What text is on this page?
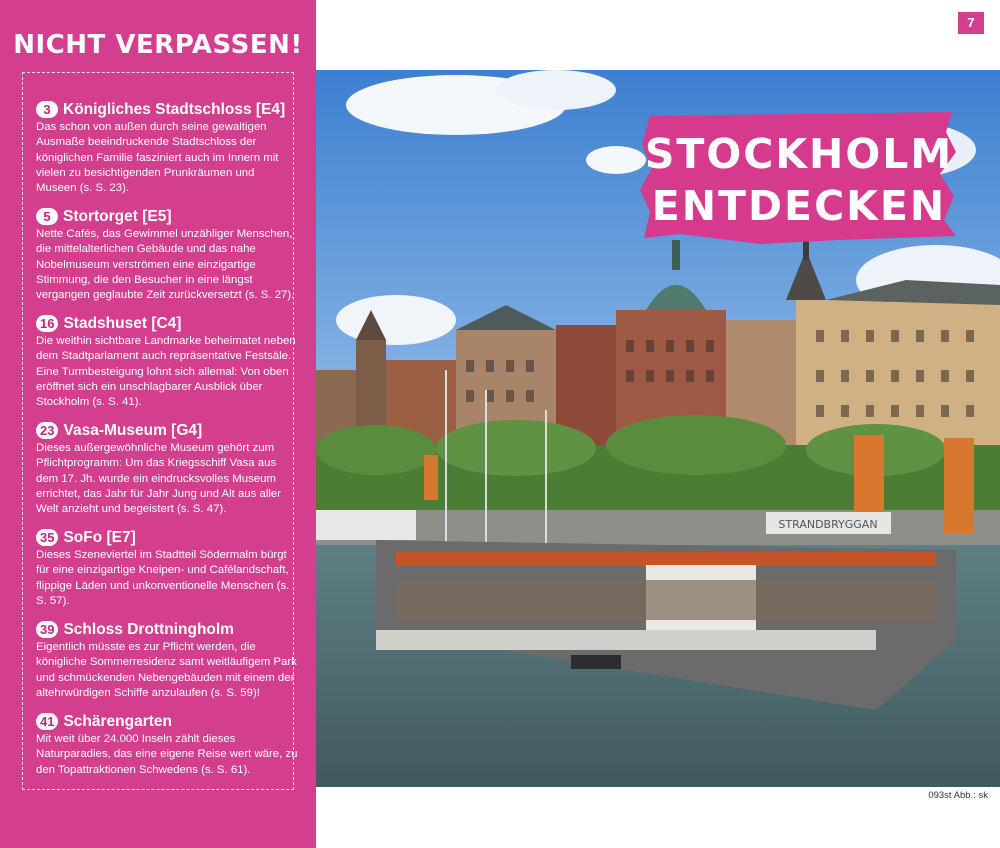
NICHT VERPASSEN!
3 Königliches Stadtschloss [E4]
Das schon von außen durch seine gewaltigen Ausmaße beeindruckende Stadtschloss der königlichen Familie fasziniert auch im Innern mit vielen zu besichtigenden Prunkräumen und Museen (s. S. 23).
5 Stortorget [E5]
Nette Cafés, das Gewimmel unzähliger Menschen, die mittelalterlichen Gebäude und das nahe Nobelmuseum verströmen eine einzigartige Stimmung, die den Besucher in eine längst vergangen geglaubte Zeit zurückversetzt (s. S. 27).
16 Stadshuset [C4]
Die weithin sichtbare Landmarke beheimatet neben dem Stadtparlament auch repräsentative Festsäle. Eine Turmbesteigung lohnt sich allemal: Von oben eröffnet sich ein unschlagbarer Ausblick über Stockholm (s. S. 41).
23 Vasa-Museum [G4]
Dieses außergewöhnliche Museum gehört zum Pflichtprogramm: Um das Kriegsschiff Vasa aus dem 17. Jh. wurde ein eindrucksvolles Museum errichtet, das Jahr für Jahr Jung und Alt aus aller Welt anzieht und begeistert (s. S. 47).
35 SoFo [E7]
Dieses Szeneviertel im Stadtteil Södermalm bürgt für eine einzigartige Kneipen- und Cafélandschaft, flippige Läden und unkonventionelle Menschen (s. S. 57).
39 Schloss Drottningholm
Eigentlich müsste es zur Pflicht werden, die königliche Sommerresidenz samt weitläufigem Park und schmückenden Nebengebäuden mit einem der altehrwürdigen Schiffe anzulaufen (s. S. 59)!
41 Schärengarten
Mit weit über 24.000 Inseln zählt dieses Naturparadies, das eine eigene Reise wert wäre, zu den Topattraktionen Schwedens (s. S. 61).
7
STRANDBRYGGAN
STOCKHOLM
ENTDECKEN
093st Abb.: sk
